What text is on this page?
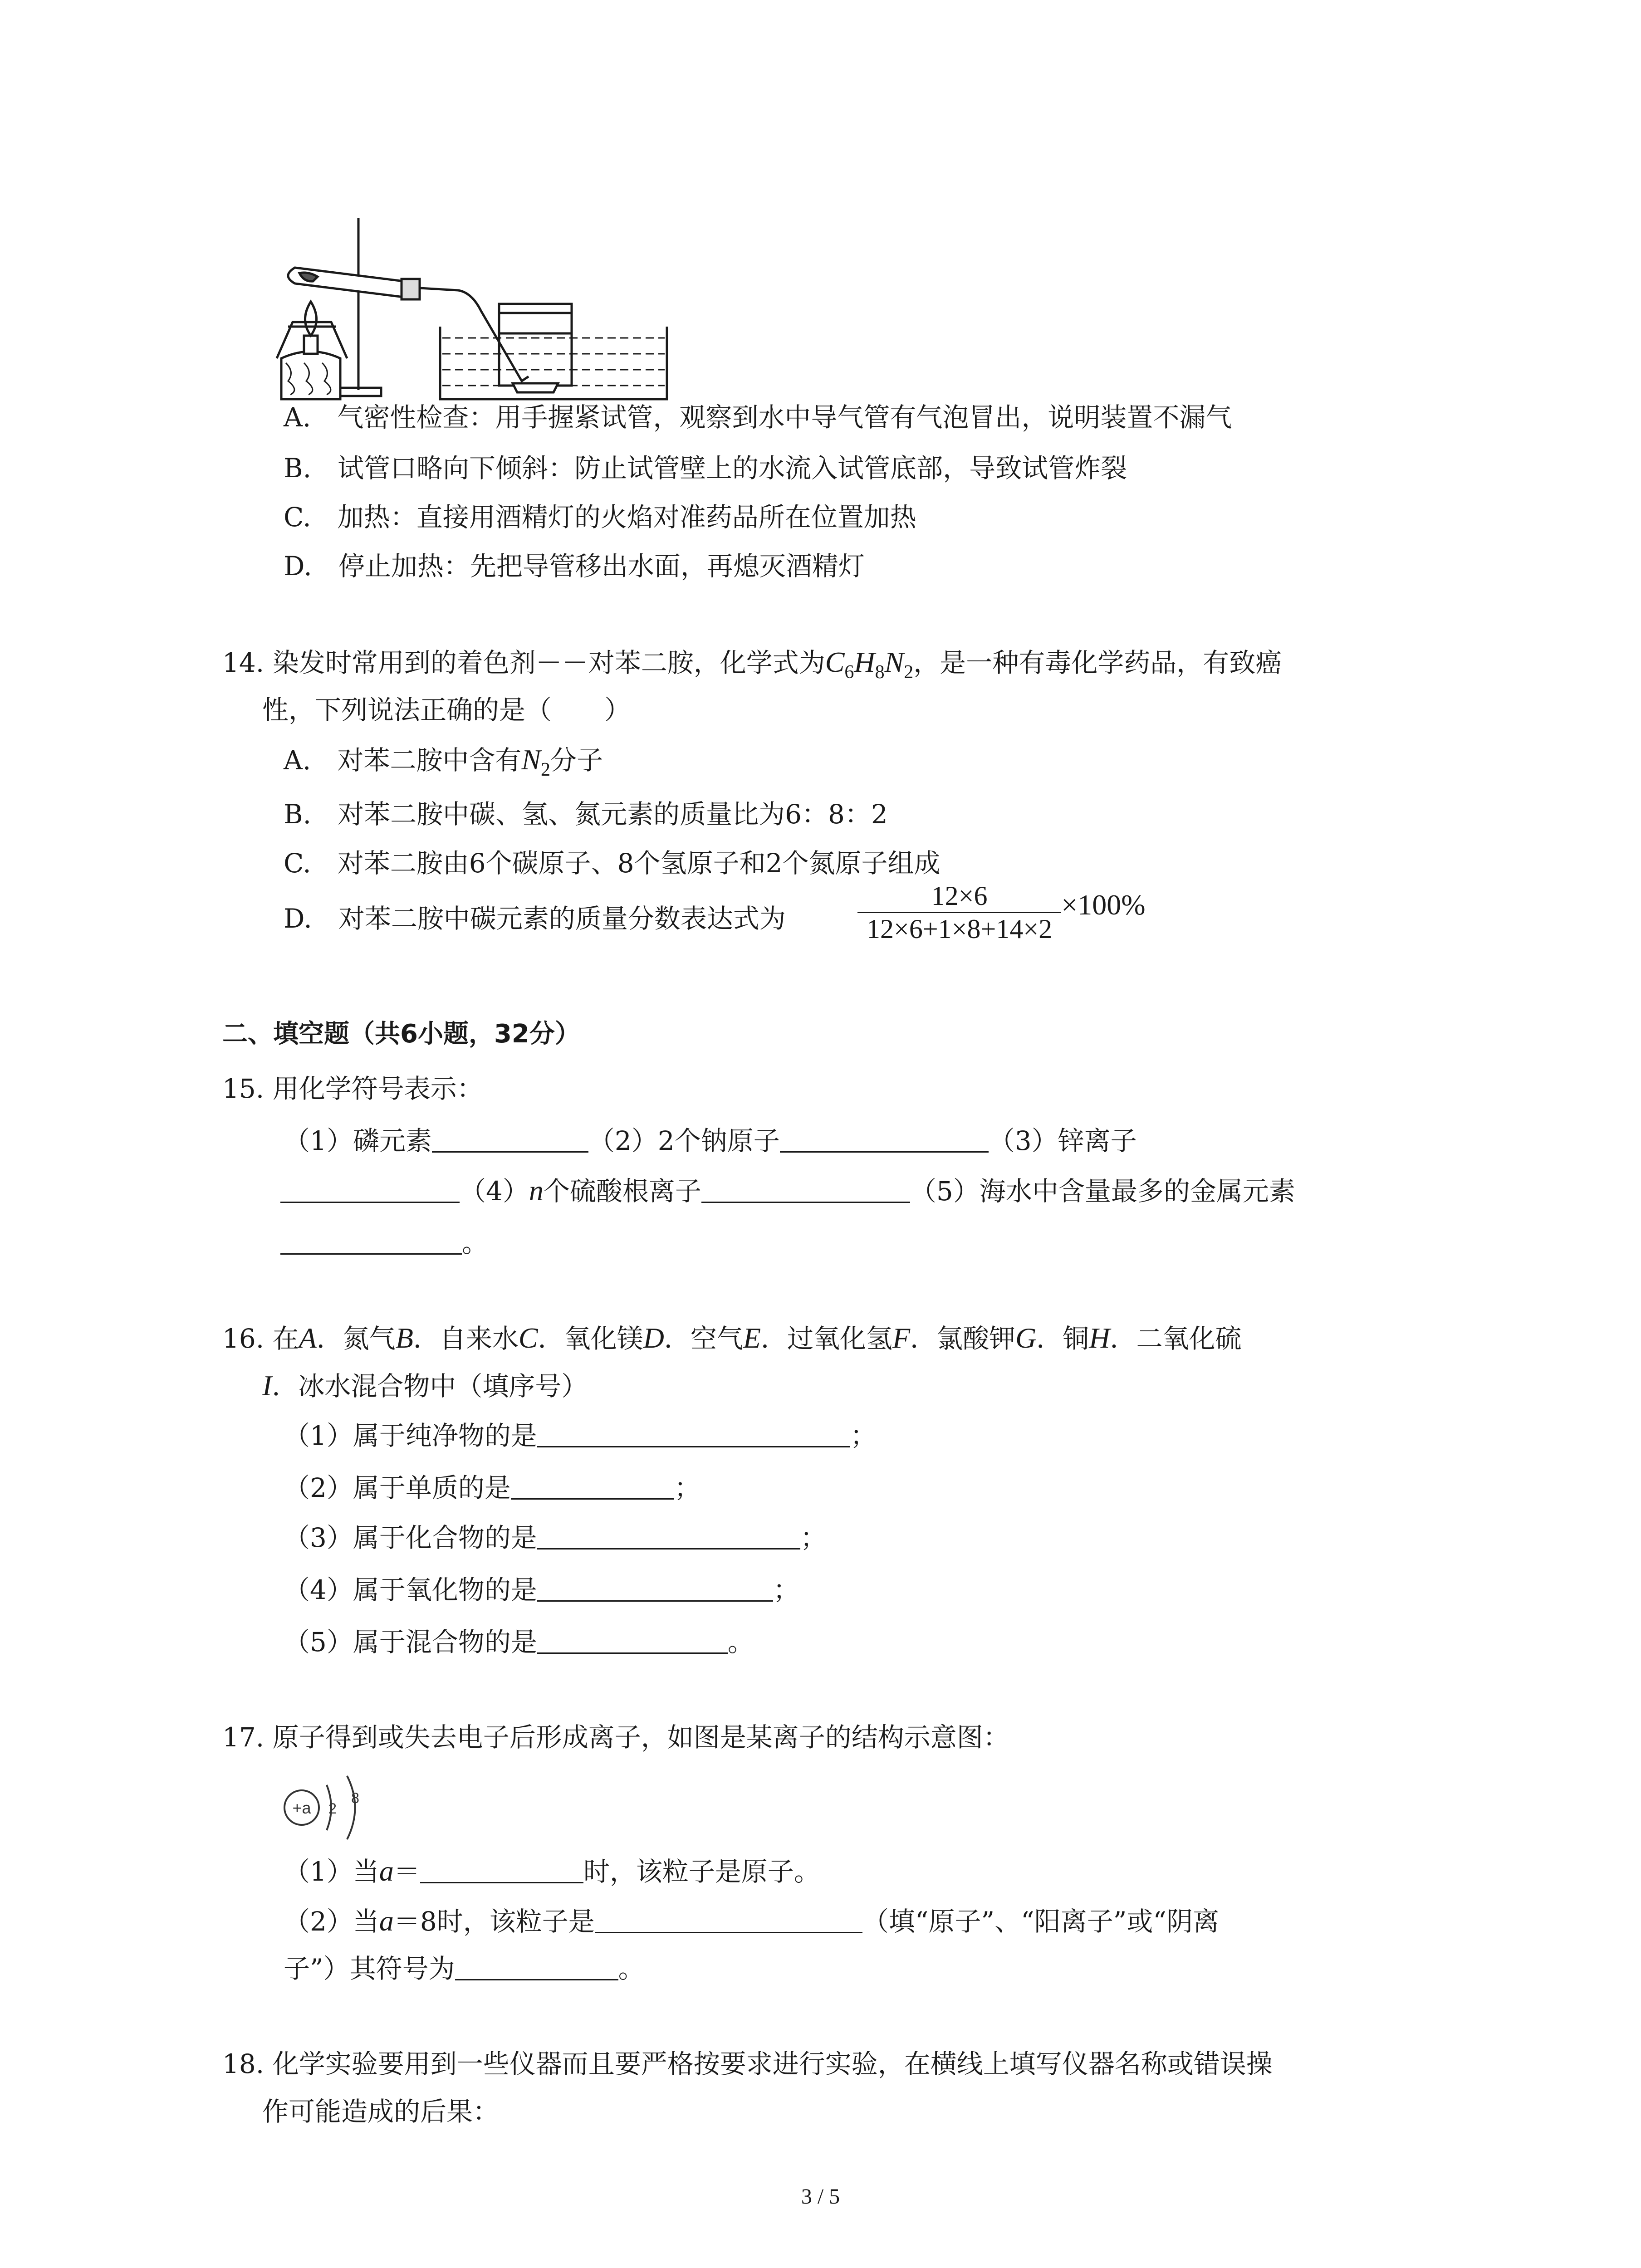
A.　 气密性检查：用手握紧试管，观察到水中导气管有气泡冒出，说明装置不漏气
B.　 试管口略向下倾斜：防止试管壁上的水流入试管底部，导致试管炸裂
C.　 加热：直接用酒精灯的火焰对准药品所在位置加热
D.　 停止加热：先把导管移出水面，再熄灭酒精灯
14. 染发时常用到的着色剂－－对苯二胺，化学式为$C_6H_8N_2$，是一种有毒化学药品，有致癌
性，下列说法正确的是（　　）
A.　 对苯二胺中含有$N_2$分子
B.　 对苯二胺中碳、氢、氮元素的质量比为6：8：2
C.　 对苯二胺由6个碳原子、8个氢原子和2个氮原子组成
D.　 对苯二胺中碳元素的质量分数表达式为	$\frac{12\times 6}{12\times 6+1\times 8+14\times 2} \times 100\%$
二、填空题（共6小题，32分）
15. 用化学符号表示：
（1）磷元素	（2）2个钠原子	（3）锌离子
（4）n个硫酸根离子	（5）海水中含量最多的金属元素
。
16. 在A．氮气B．自来水C．氧化镁D．空气E．过氧化氢F．氯酸钾G．铜H．二氧化硫
I．冰水混合物中（填序号）
（1）属于纯净物的是	；
（2）属于单质的是	；
（3）属于化合物的是	；
（4）属于氧化物的是	；
（5）属于混合物的是	。
17. 原子得到或失去电子后形成离子，如图是某离子的结构示意图：
+a 2
8
（1）当a＝	时，该粒子是原子。
（2）当a＝8时，该粒子是	（填“原子”、“阳离子”或“阴离
子”）其符号为	。
18. 化学实验要用到一些仪器而且要严格按要求进行实验，在横线上填写仪器名称或错误操
作可能造成的后果：
3 / 5
